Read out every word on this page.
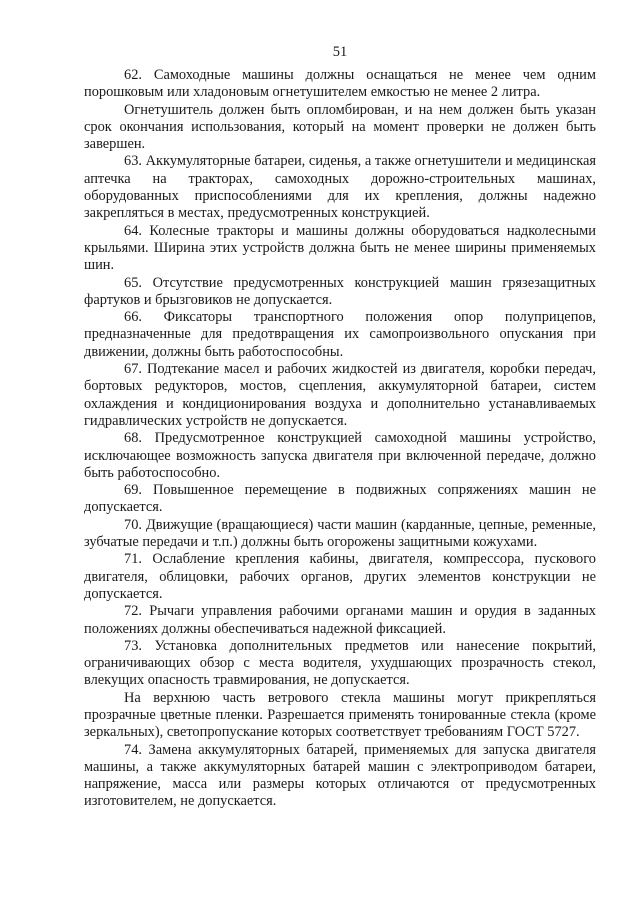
51

62. Самоходные машины должны оснащаться не менее чем одним порошковым или хладоновым огнетушителем емкостью не менее 2 литра.

Огнетушитель должен быть опломбирован, и на нем должен быть указан срок окончания использования, который на момент проверки не должен быть завершен.

63. Аккумуляторные батареи, сиденья, а также огнетушители и медицинская аптечка на тракторах, самоходных дорожно-строительных машинах, оборудованных приспособлениями для их крепления, должны надежно закрепляться в местах, предусмотренных конструкцией.

64. Колесные тракторы и машины должны оборудоваться надколесными крыльями. Ширина этих устройств должна быть не менее ширины применяемых шин.

65. Отсутствие предусмотренных конструкцией машин грязезащитных фартуков и брызговиков не допускается.

66. Фиксаторы транспортного положения опор полуприцепов, предназначенные для предотвращения их самопроизвольного опускания при движении, должны быть работоспособны.

67. Подтекание масел и рабочих жидкостей из двигателя, коробки передач, бортовых редукторов, мостов, сцепления, аккумуляторной батареи, систем охлаждения и кондиционирования воздуха и дополнительно устанавливаемых гидравлических устройств не допускается.

68. Предусмотренное конструкцией самоходной машины устройство, исключающее возможность запуска двигателя при включенной передаче, должно быть работоспособно.

69. Повышенное перемещение в подвижных сопряжениях машин не допускается.

70. Движущие (вращающиеся) части машин (карданные, цепные, ременные, зубчатые передачи и т.п.) должны быть огорожены защитными кожухами.

71. Ослабление крепления кабины, двигателя, компрессора, пускового двигателя, облицовки, рабочих органов, других элементов конструкции не допускается.

72. Рычаги управления рабочими органами машин и орудия в заданных положениях должны обеспечиваться надежной фиксацией.

73. Установка дополнительных предметов или нанесение покрытий, ограничивающих обзор с места водителя, ухудшающих прозрачность стекол, влекущих опасность травмирования, не допускается.

На верхнюю часть ветрового стекла машины могут прикрепляться прозрачные цветные пленки. Разрешается применять тонированные стекла (кроме зеркальных), светопропускание которых соответствует требованиям ГОСТ 5727.

74. Замена аккумуляторных батарей, применяемых для запуска двигателя машины, а также аккумуляторных батарей машин с электроприводом батареи, напряжение, масса или размеры которых отличаются от предусмотренных изготовителем, не допускается.
